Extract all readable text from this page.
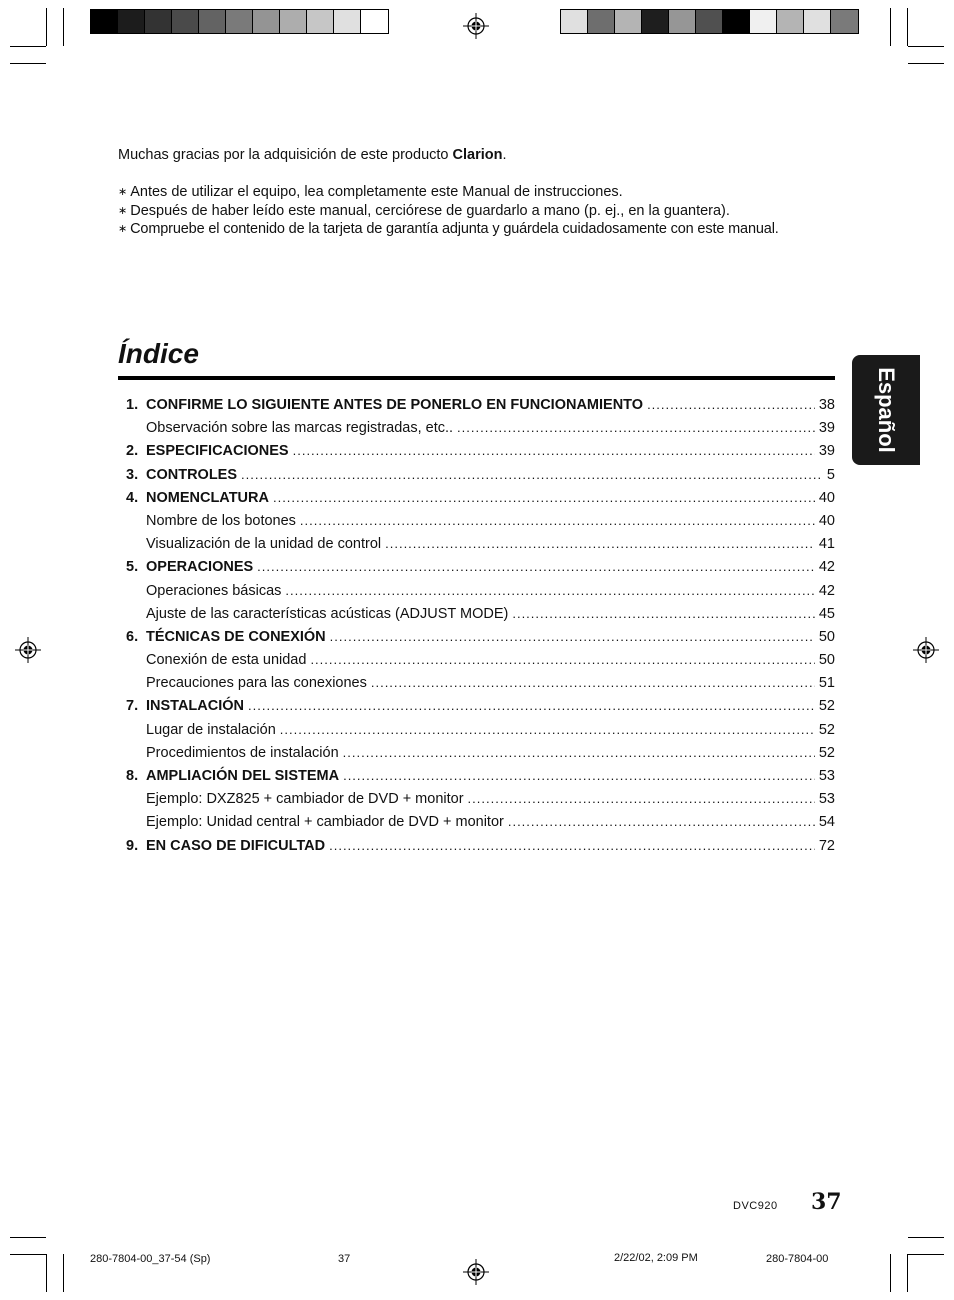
Muchas gracias por la adquisición de este producto Clarion.
∗ Antes de utilizar el equipo, lea completamente este Manual de instrucciones.
∗ Después de haber leído este manual, cerciórese de guardarlo a mano (p. ej., en la guantera).
∗ Compruebe el contenido de la tarjeta de garantía adjunta y guárdela cuidadosamente con este manual.
Índice
Español
1. CONFIRME LO SIGUIENTE ANTES DE PONERLO EN FUNCIONAMIENTO .....	38
Observación sobre las marcas registradas, etc.. .....	39
2. ESPECIFICACIONES .....	39
3. CONTROLES .....	5
4. NOMENCLATURA .....	40
Nombre de los botones .....	40
Visualización de la unidad de control .....	41
5. OPERACIONES .....	42
Operaciones básicas .....	42
Ajuste de las características acústicas (ADJUST MODE) .....	45
6. TÉCNICAS DE CONEXIÓN .....	50
Conexión de esta unidad .....	50
Precauciones para las conexiones .....	51
7. INSTALACIÓN .....	52
Lugar de instalación .....	52
Procedimientos de instalación .....	52
8. AMPLIACIÓN DEL SISTEMA .....	53
Ejemplo: DXZ825 + cambiador de DVD + monitor .....	53
Ejemplo: Unidad central + cambiador de DVD + monitor .....	54
9. EN CASO DE DIFICULTAD .....	72
DVC920 37
280-7804-00_37-54 (Sp)	37	2/22/02, 2:09 PM	280-7804-00
